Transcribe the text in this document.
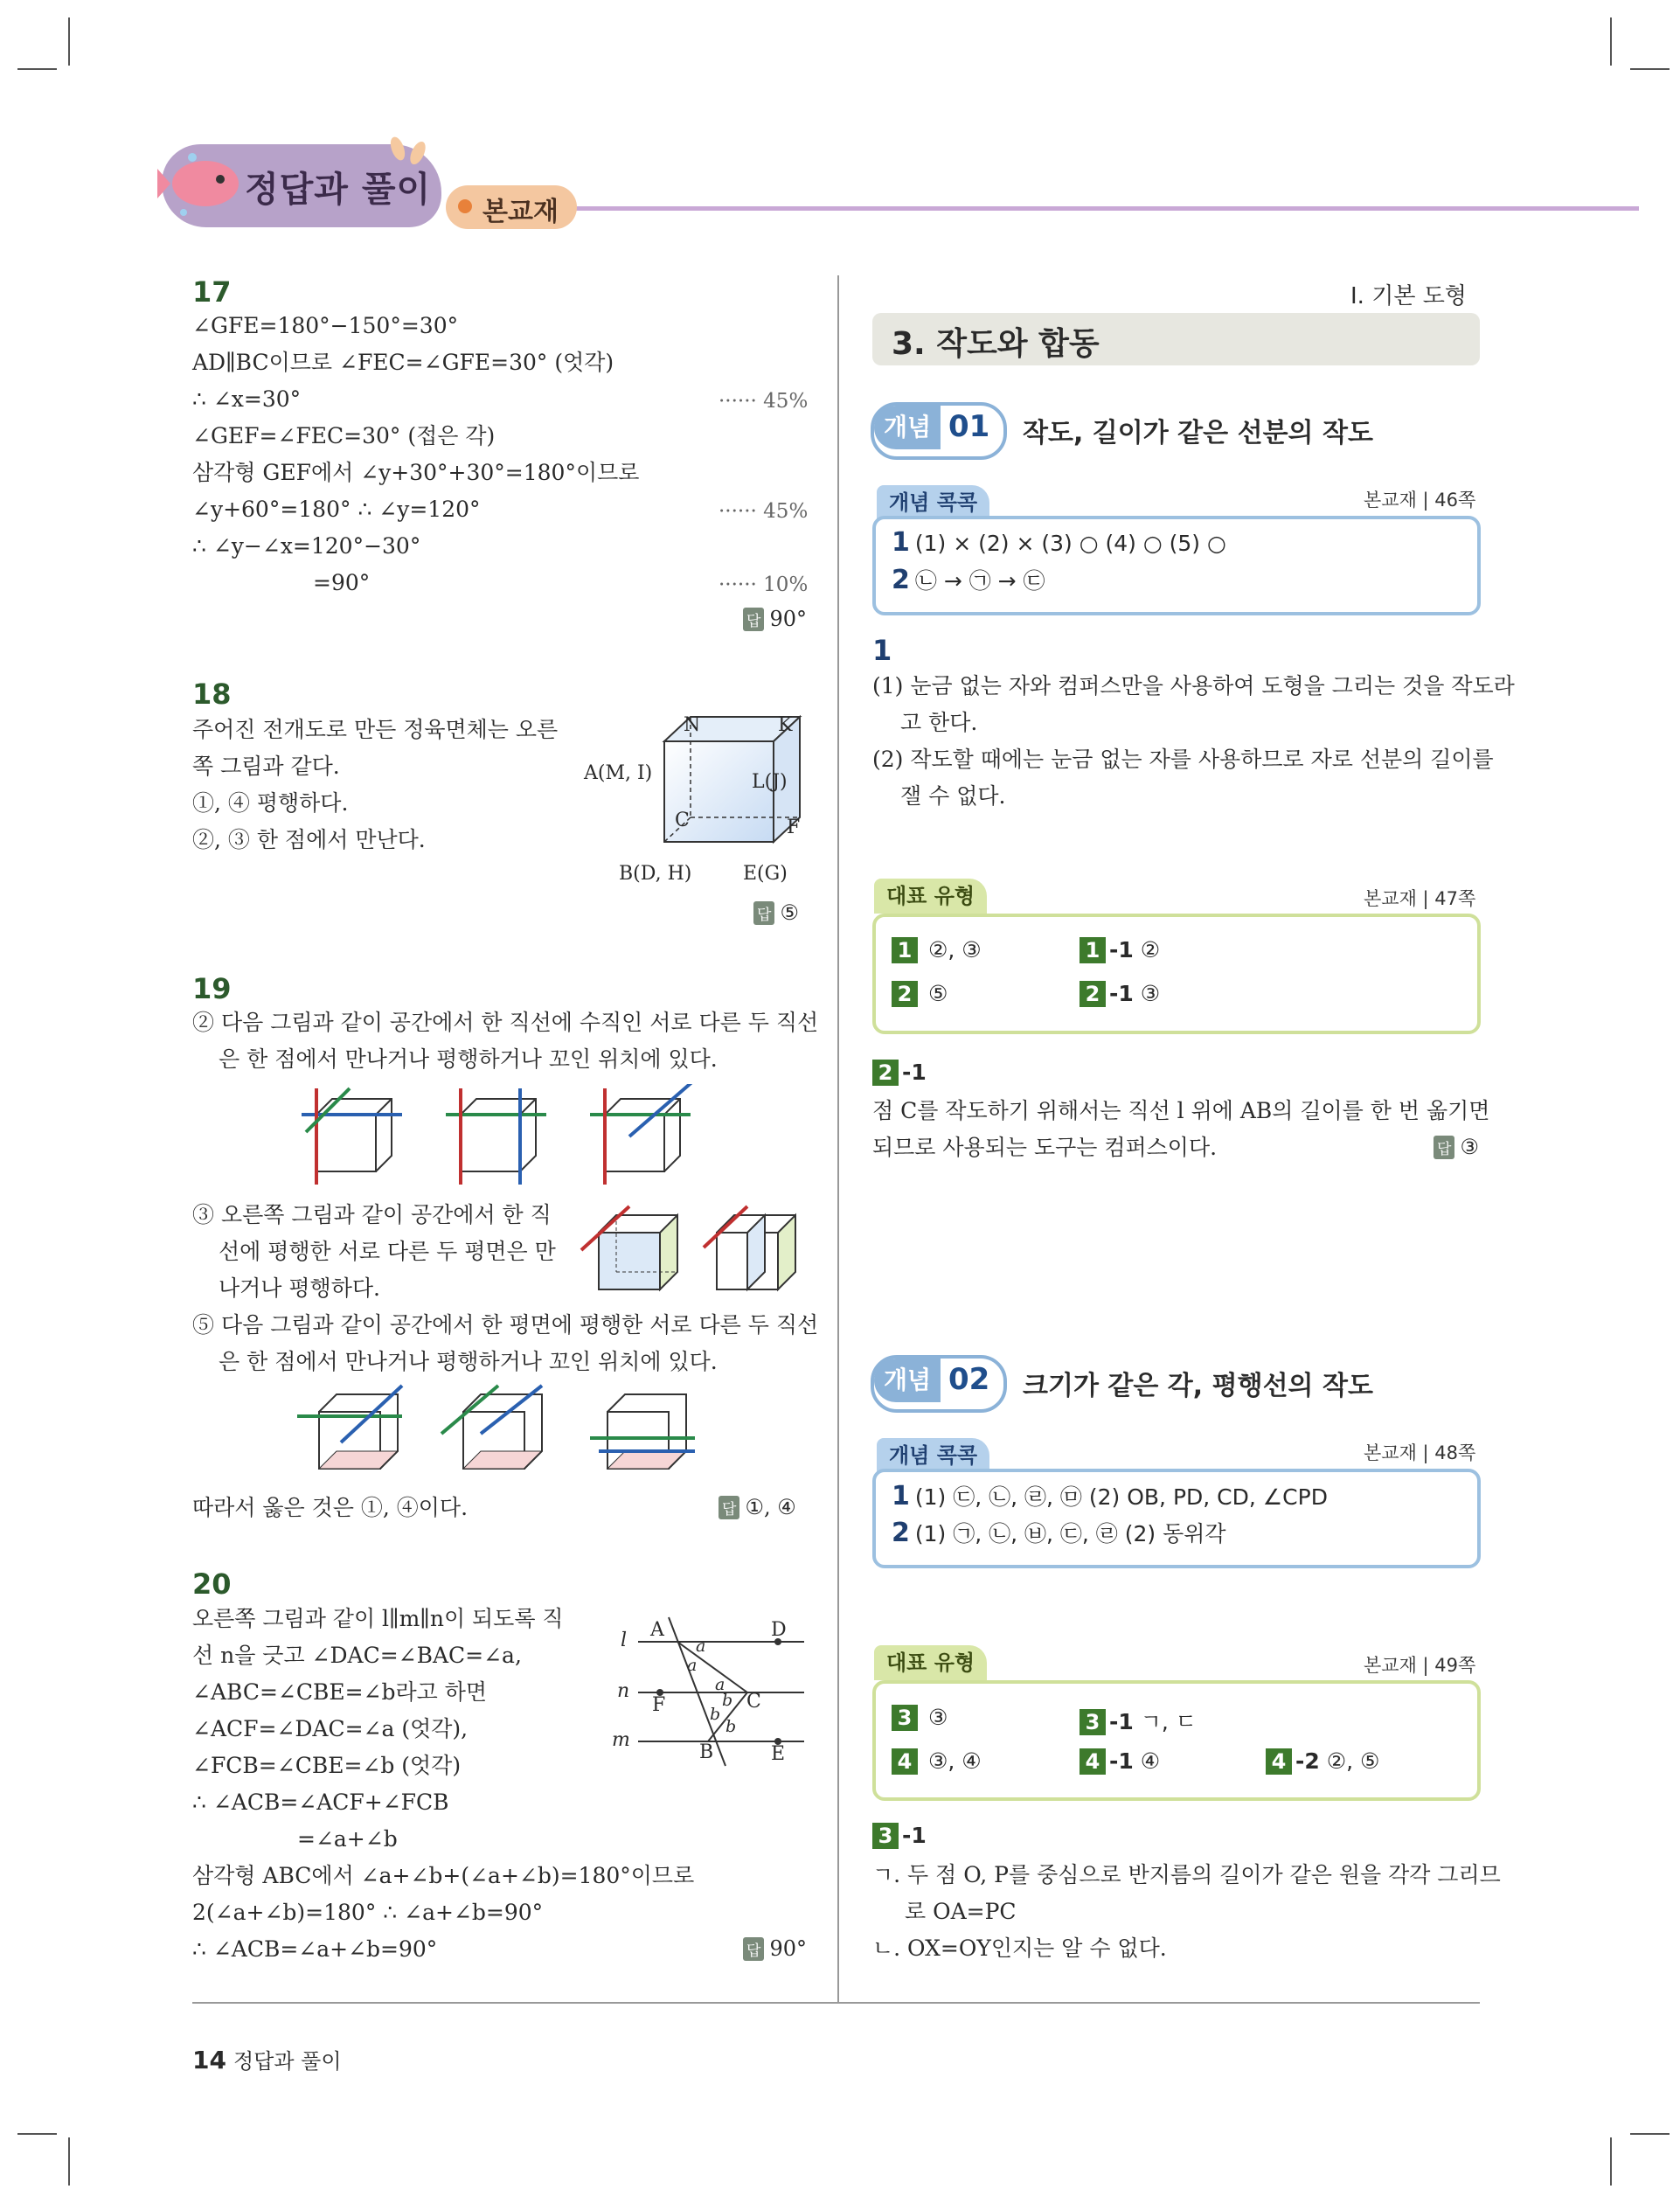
정답과 풀이
본교재
17
∠GFE=180°−150°=30°
AD∥BC이므로 ∠FEC=∠GFE=30° (엇각)
∴ ∠x=30°	······ 45%
∠GEF=∠FEC=30° (접은 각)
삼각형 GEF에서 ∠y+30°+30°=180°이므로
∠y+60°=180° ∴ ∠y=120°	······ 45%
∴ ∠y−∠x=120°−30°
=90°	······ 10%
답 90°
18
주어진 전개도로 만든 정육면체는 오른
쪽 그림과 같다.
①, ④ 평행하다.
②, ③ 한 점에서 만난다.
N	K
A(M, I)	L(J)
C	F
B(D, H)	E(G)
답 ⑤
19
② 다음 그림과 같이 공간에서 한 직선에 수직인 서로 다른 두 직선
은 한 점에서 만나거나 평행하거나 꼬인 위치에 있다.
③ 오른쪽 그림과 같이 공간에서 한 직
선에 평행한 서로 다른 두 평면은 만
나거나 평행하다.
⑤ 다음 그림과 같이 공간에서 한 평면에 평행한 서로 다른 두 직선
은 한 점에서 만나거나 평행하거나 꼬인 위치에 있다.
따라서 옳은 것은 ①, ④이다.	답 ①, ④
20
오른쪽 그림과 같이 l∥m∥n이 되도록 직
선 n을 긋고 ∠DAC=∠BAC=∠a,
∠ABC=∠CBE=∠b라고 하면
∠ACF=∠DAC=∠a (엇각),
∠FCB=∠CBE=∠b (엇각)
∴ ∠ACB=∠ACF+∠FCB
=∠a+∠b
삼각형 ABC에서 ∠a+∠b+(∠a+∠b)=180°이므로
2(∠a+∠b)=180° ∴ ∠a+∠b=90°
∴ ∠ACB=∠a+∠b=90°	답 90°
l
n
m
A	D
F	C
B	E
a
a
a
b
b
b
14 정답과 풀이
Ⅰ. 기본 도형
3. 작도와 합동
개념 01 작도, 길이가 같은 선분의 작도
개념 콕콕	본교재 | 46쪽
1 (1) × (2) × (3) ○ (4) ○ (5) ○
2 ㉡ → ㉠ → ㉢
1
(1) 눈금 없는 자와 컴퍼스만을 사용하여 도형을 그리는 것을 작도라
고 한다.
(2) 작도할 때에는 눈금 없는 자를 사용하므로 자로 선분의 길이를
잴 수 없다.
대표 유형	본교재 | 47쪽
1 ②, ③	1 -1 ②
2 ⑤	2 -1 ③
2 -1
점 C를 작도하기 위해서는 직선 l 위에 AB의 길이를 한 번 옮기면
되므로 사용되는 도구는 컴퍼스이다.	답 ③
개념 02 크기가 같은 각, 평행선의 작도
개념 콕콕	본교재 | 48쪽
1 (1) ㉢, ㉡, ㉣, ㉤ (2) OB, PD, CD, ∠CPD
2 (1) ㉠, ㉡, ㉥, ㉢, ㉣ (2) 동위각
대표 유형	본교재 | 49쪽
3 ③	3 -1 ㄱ, ㄷ
4 ③, ④	4 -1 ④	4 -2 ②, ⑤
3 -1
ㄱ. 두 점 O, P를 중심으로 반지름의 길이가 같은 원을 각각 그리므
로 OA=PC
ㄴ. OX=OY인지는 알 수 없다.
